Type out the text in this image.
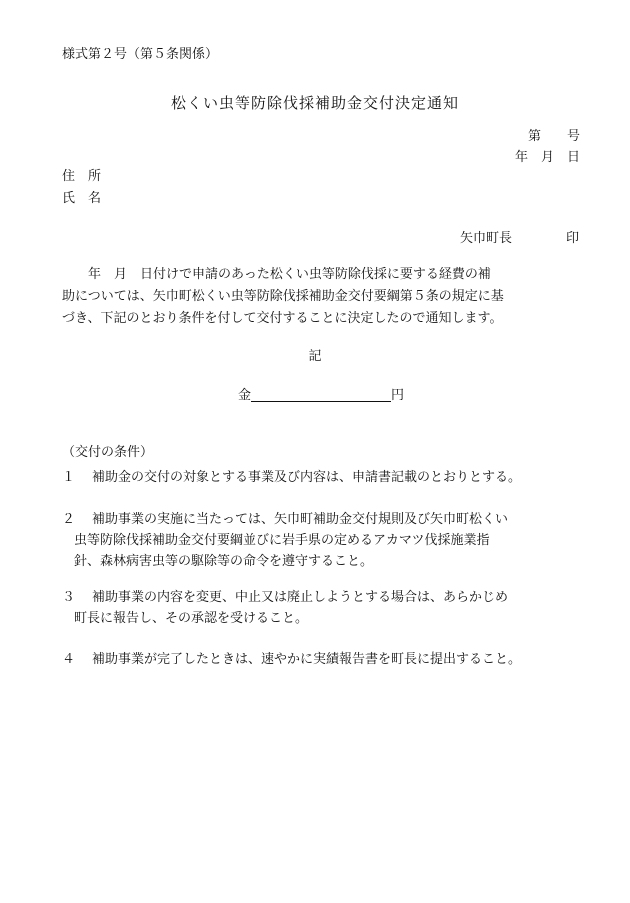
様式第２号（第５条関係）
松くい虫等防除伐採補助金交付決定通知
第　　号
年　月　日
住　所
氏　名
矢巾町長	印
　　年　月　日付けで申請のあった松くい虫等防除伐採に要する経費の補
助については、矢巾町松くい虫等防除伐採補助金交付要綱第５条の規定に基
づき、下記のとおり条件を付して交付することに決定したので通知します。
記
金	円
（交付の条件）
１ 補助金の交付の対象とする事業及び内容は、申請書記載のとおりとする。
２ 補助事業の実施に当たっては、矢巾町補助金交付規則及び矢巾町松くい
虫等防除伐採補助金交付要綱並びに岩手県の定めるアカマツ伐採施業指
針、森林病害虫等の駆除等の命令を遵守すること。
３ 補助事業の内容を変更、中止又は廃止しようとする場合は、あらかじめ
町長に報告し、その承認を受けること。
４ 補助事業が完了したときは、速やかに実績報告書を町長に提出すること。
